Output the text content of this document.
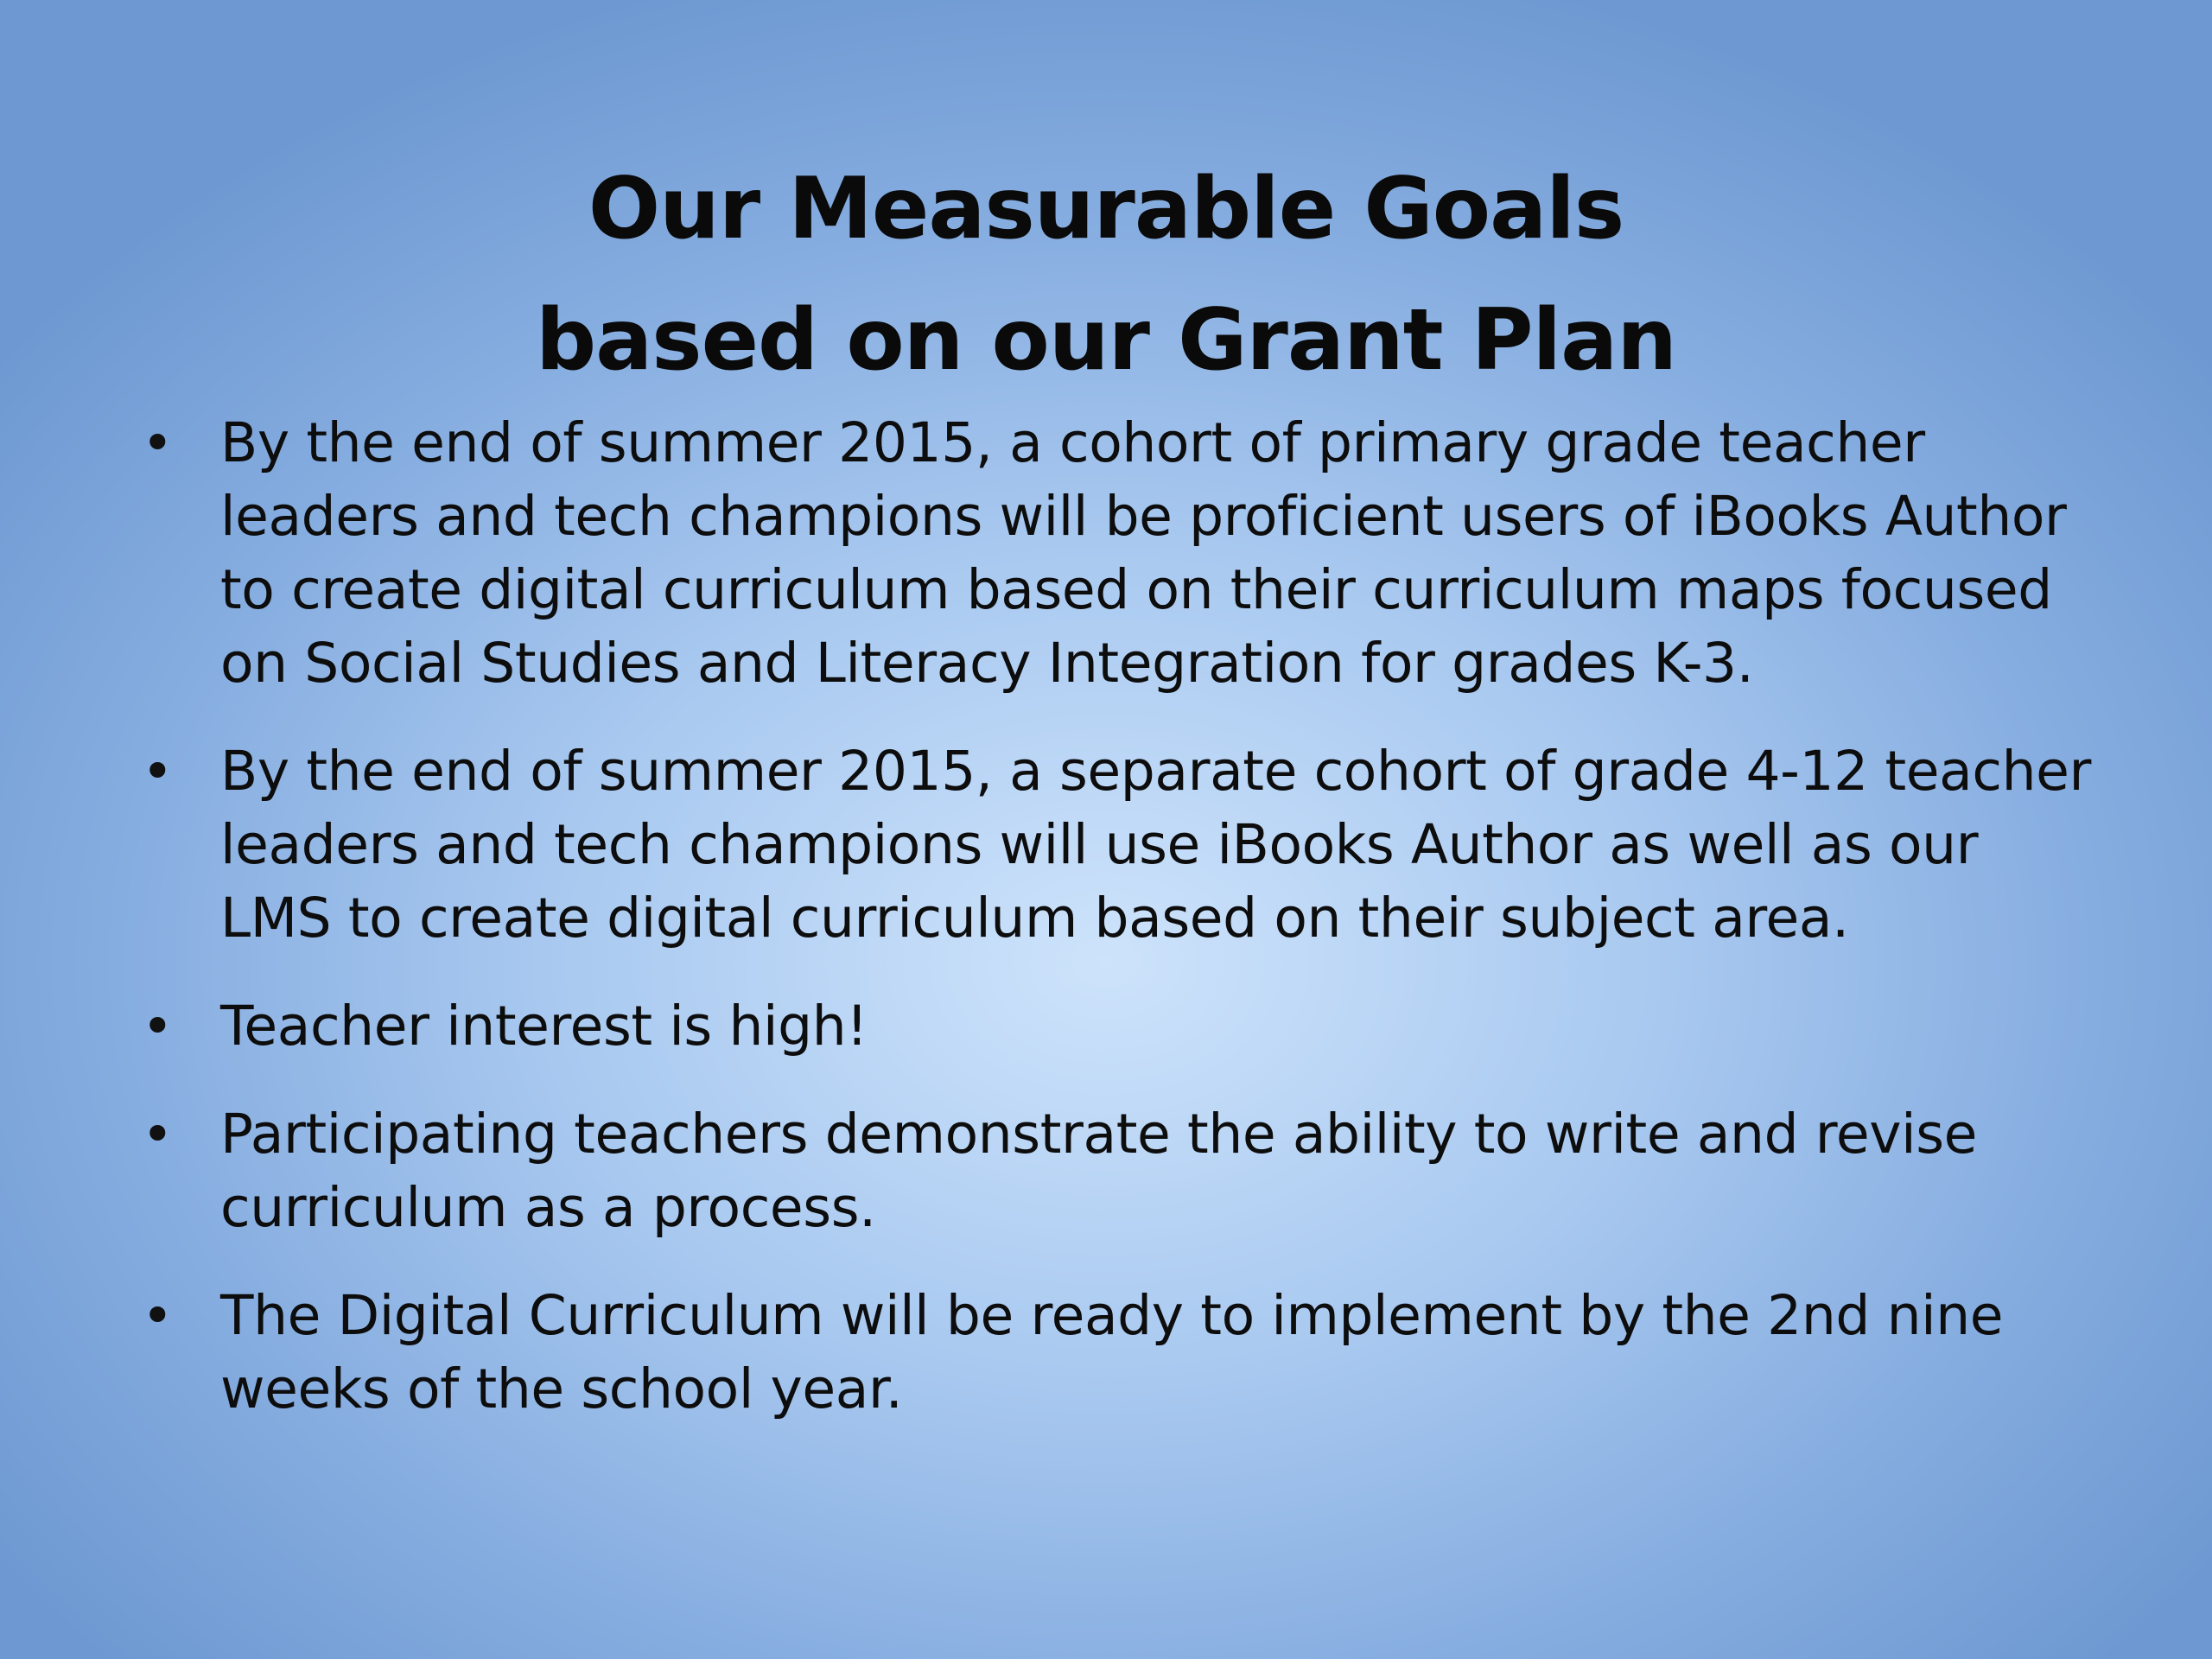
Our Measurable Goals
based on our Grant Plan
• By the end of summer 2015, a cohort of primary grade teacher leaders and tech champions will be proficient users of iBooks Author to create digital curriculum based on their curriculum maps focused on Social Studies and Literacy Integration for grades K-3.
• By the end of summer 2015, a separate cohort of grade 4-12 teacher leaders and tech champions will use iBooks Author as well as our LMS to create digital curriculum based on their subject area.
• Teacher interest is high!
• Participating teachers demonstrate the ability to write and revise curriculum as a process.
• The Digital Curriculum will be ready to implement by the 2nd nine weeks of the school year.
